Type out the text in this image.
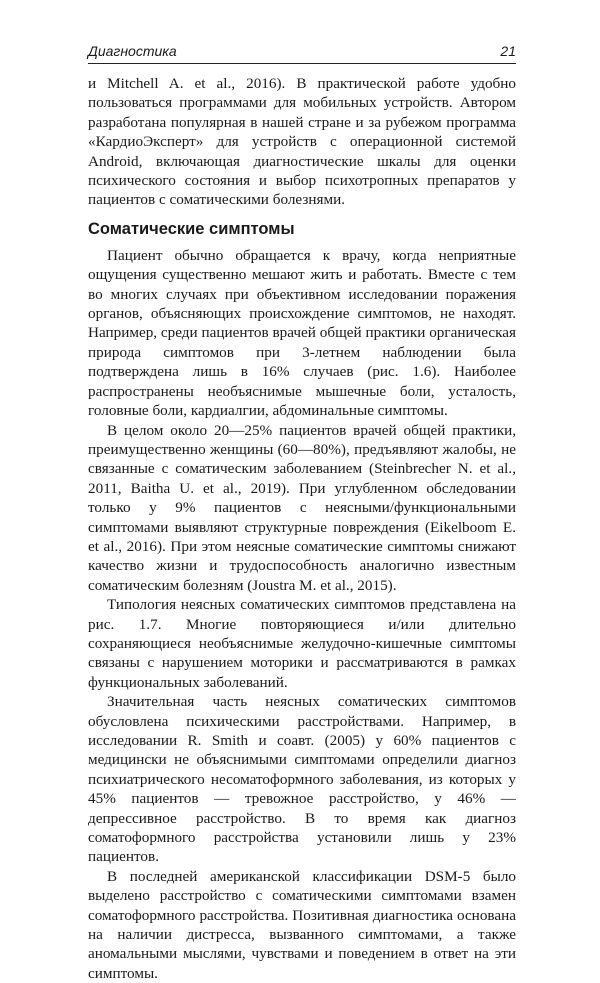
Диагностика	21

и Mitchell A. et al., 2016). В практической работе удобно пользоваться программами для мобильных устройств. Автором разработана популярная в нашей стране и за рубежом программа «КардиоЭксперт» для устройств с операционной системой Android, включающая диагностические шкалы для оценки психического состояния и выбор психотропных препаратов у пациентов с соматическими болезнями.

Соматические симптомы

Пациент обычно обращается к врачу, когда неприятные ощущения существенно мешают жить и работать. Вместе с тем во многих случаях при объективном исследовании поражения органов, объясняющих происхождение симптомов, не находят. Например, среди пациентов врачей общей практики органическая природа симптомов при 3-летнем наблюдении была подтверждена лишь в 16% случаев (рис. 1.6). Наиболее распространены необъяснимые мышечные боли, усталость, головные боли, кардиалгии, абдоминальные симптомы.

В целом около 20—25% пациентов врачей общей практики, преимущественно женщины (60—80%), предъявляют жалобы, не связанные с соматическим заболеванием (Steinbrecher N. et al., 2011, Baitha U. et al., 2019). При углубленном обследовании только у 9% пациентов с неясными/функциональными симптомами выявляют структурные повреждения (Eikelboom E. et al., 2016). При этом неясные соматические симптомы снижают качество жизни и трудоспособность аналогично известным соматическим болезням (Joustra M. et al., 2015).

Типология неясных соматических симптомов представлена на рис. 1.7. Многие повторяющиеся и/или длительно сохраняющиеся необъяснимые желудочно-кишечные симптомы связаны с нарушением моторики и рассматриваются в рамках функциональных заболеваний.

Значительная часть неясных соматических симптомов обусловлена психическими расстройствами. Например, в исследовании R. Smith и соавт. (2005) у 60% пациентов с медицински не объяснимыми симптомами определили диагноз психиатрического несоматоформного заболевания, из которых у 45% пациентов — тревожное расстройство, у 46% — депрессивное расстройство. В то время как диагноз соматоформного расстройства установили лишь у 23% пациентов.

В последней американской классификации DSM-5 было выделено расстройство с соматическими симптомами взамен соматоформного расстройства. Позитивная диагностика основана на наличии дистресса, вызванного симптомами, а также аномальными мыслями, чувствами и поведением в ответ на эти симптомы.
